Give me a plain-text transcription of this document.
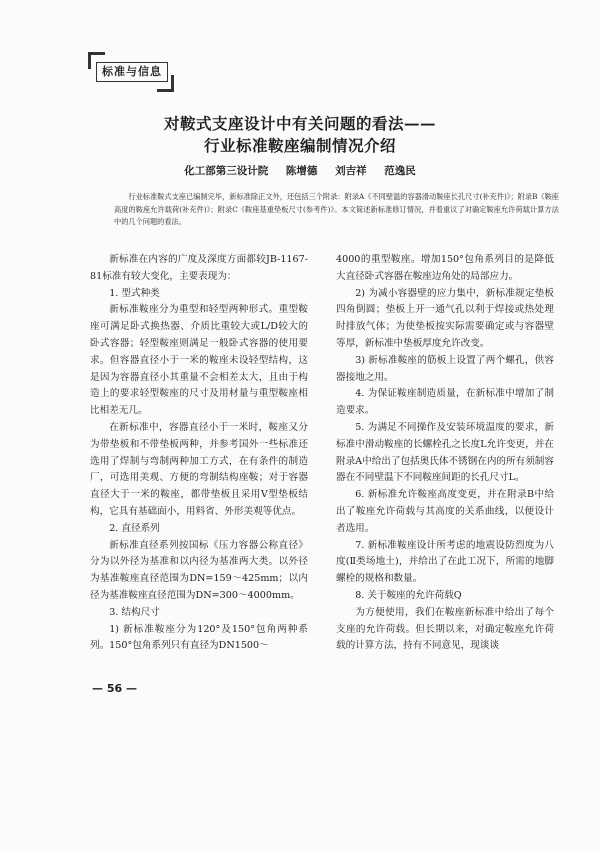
标准与信息
对鞍式支座设计中有关问题的看法——
行业标准鞍座编制情况介绍
化工部第三设计院 陈增德 刘吉祥 范逸民

行业标准鞍式支座已编制完毕，新标准除正文外，还包括三个附录：附录A《不同壁温的容器滑动鞍座长孔尺寸(补充件)》；附录B《鞍座高度的鞍座允许载荷(补充件)》；附录C《鞍座基重垫板尺寸(参考件)》。本文简述新标准修订情况，并着重议了对确定鞍座允许荷载计算方法中的几个问题的看法。

新标准在内容的广度及深度方面都较JB-1167-81标准有较大变化，主要表现为：

1. 型式种类

新标准鞍座分为重型和轻型两种形式。重型鞍座可满足卧式换热器、介质比重较大或L/D较大的卧式容器；轻型鞍座则满足一般卧式容器的使用要求。但容器直径小于一米的鞍座未设轻型结构，这是因为容器直径小其重量不会相差太大，且由于构造上的要求轻型鞍座的尺寸及用材量与重型鞍座相比相差无几。

在新标准中，容器直径小于一米时，鞍座又分为带垫板和不带垫板两种，并参考国外一些标准还选用了焊制与弯制两种加工方式，在有条件的制造厂，可选用美观、方便的弯制结构座鞍；对于容器直径大于一米的鞍座，都带垫板且采用V型垫板结构，它具有基础面小，用料省、外形美观等优点。

2. 直径系列

新标准直径系列按国标《压力容器公称直径》分为以外径为基准和以内径为基准两大类。以外径为基准鞍座直径范围为DN=159～425mm；以内径为基准鞍座直径范围为DN=300～4000mm。

3. 结构尺寸

1) 新标准鞍座分为120°及150°包角两种系列。150°包角系列只有直径为DN1500～

4000的重型鞍座。增加150°包角系列目的是降低大直径卧式容器在鞍座边角处的局部应力。

2) 为减小容器壁的应力集中，新标准规定垫板四角倒圆；垫板上开一通气孔以利于焊接或热处理时排放气体；为使垫板按实际需要确定或与容器壁等厚，新标准中垫板厚度允许改变。

3) 新标准鞍座的筋板上设置了两个螺孔，供容器接地之用。

4. 为保证鞍座制造质量，在新标准中增加了制造要求。

5. 为满足不同操作及安装环境温度的要求，新标准中滑动鞍座的长螺栓孔之长度L允许变更，并在附录A中给出了包括奥氏体不锈钢在内的所有须制容器在不同壁温下不同鞍座间距的长孔尺寸L。

6. 新标准允许鞍座高度变更，并在附录B中给出了鞍座允许荷载与其高度的关系曲线，以便设计者选用。

7. 新标准鞍座设计所考虑的地震设防烈度为八度(Ⅱ类场地土)，并给出了在此工况下，所需的地脚螺栓的规格和数量。

8. 关于鞍座的允许荷载Q

为方便使用，我们在鞍座新标准中给出了每个支座的允许荷载。但长期以来，对确定鞍座允许荷载的计算方法，持有不同意见，现谈谈

— 56 —
